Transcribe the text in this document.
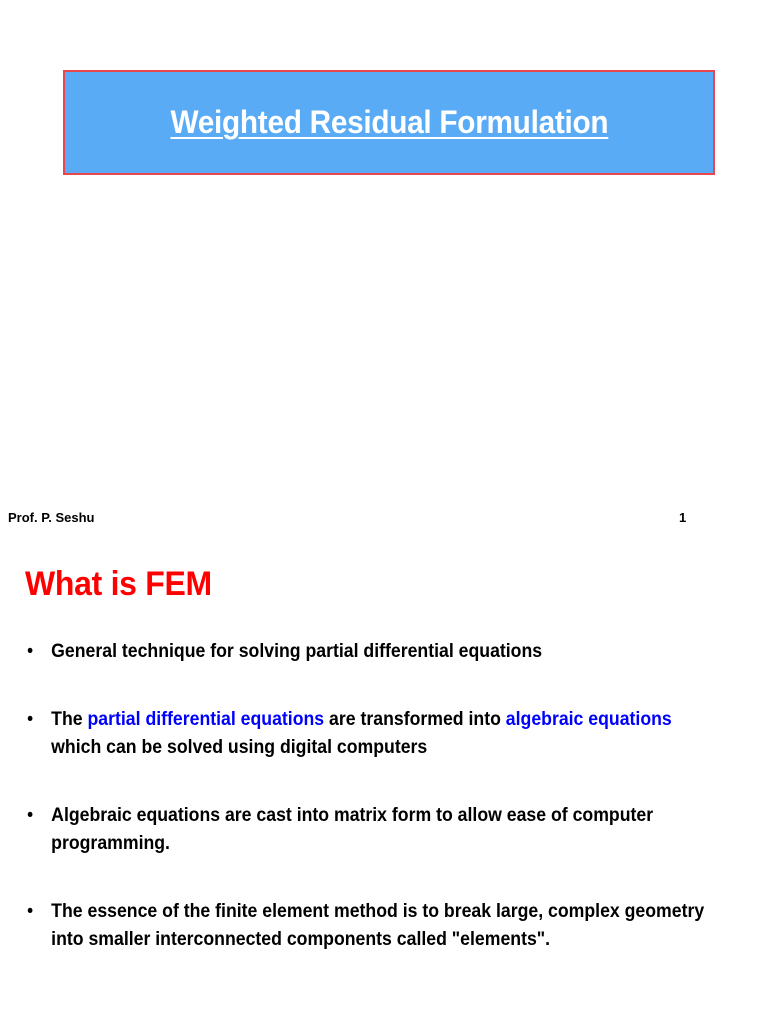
Weighted Residual Formulation
Prof. P. Seshu	1
What is FEM
• General technique for solving partial differential equations
• The partial differential equations are transformed into algebraic equations which can be solved using digital computers
• Algebraic equations are cast into matrix form to allow ease of computer programming.
• The essence of the finite element method is to break large, complex geometry into smaller interconnected components called "elements".
